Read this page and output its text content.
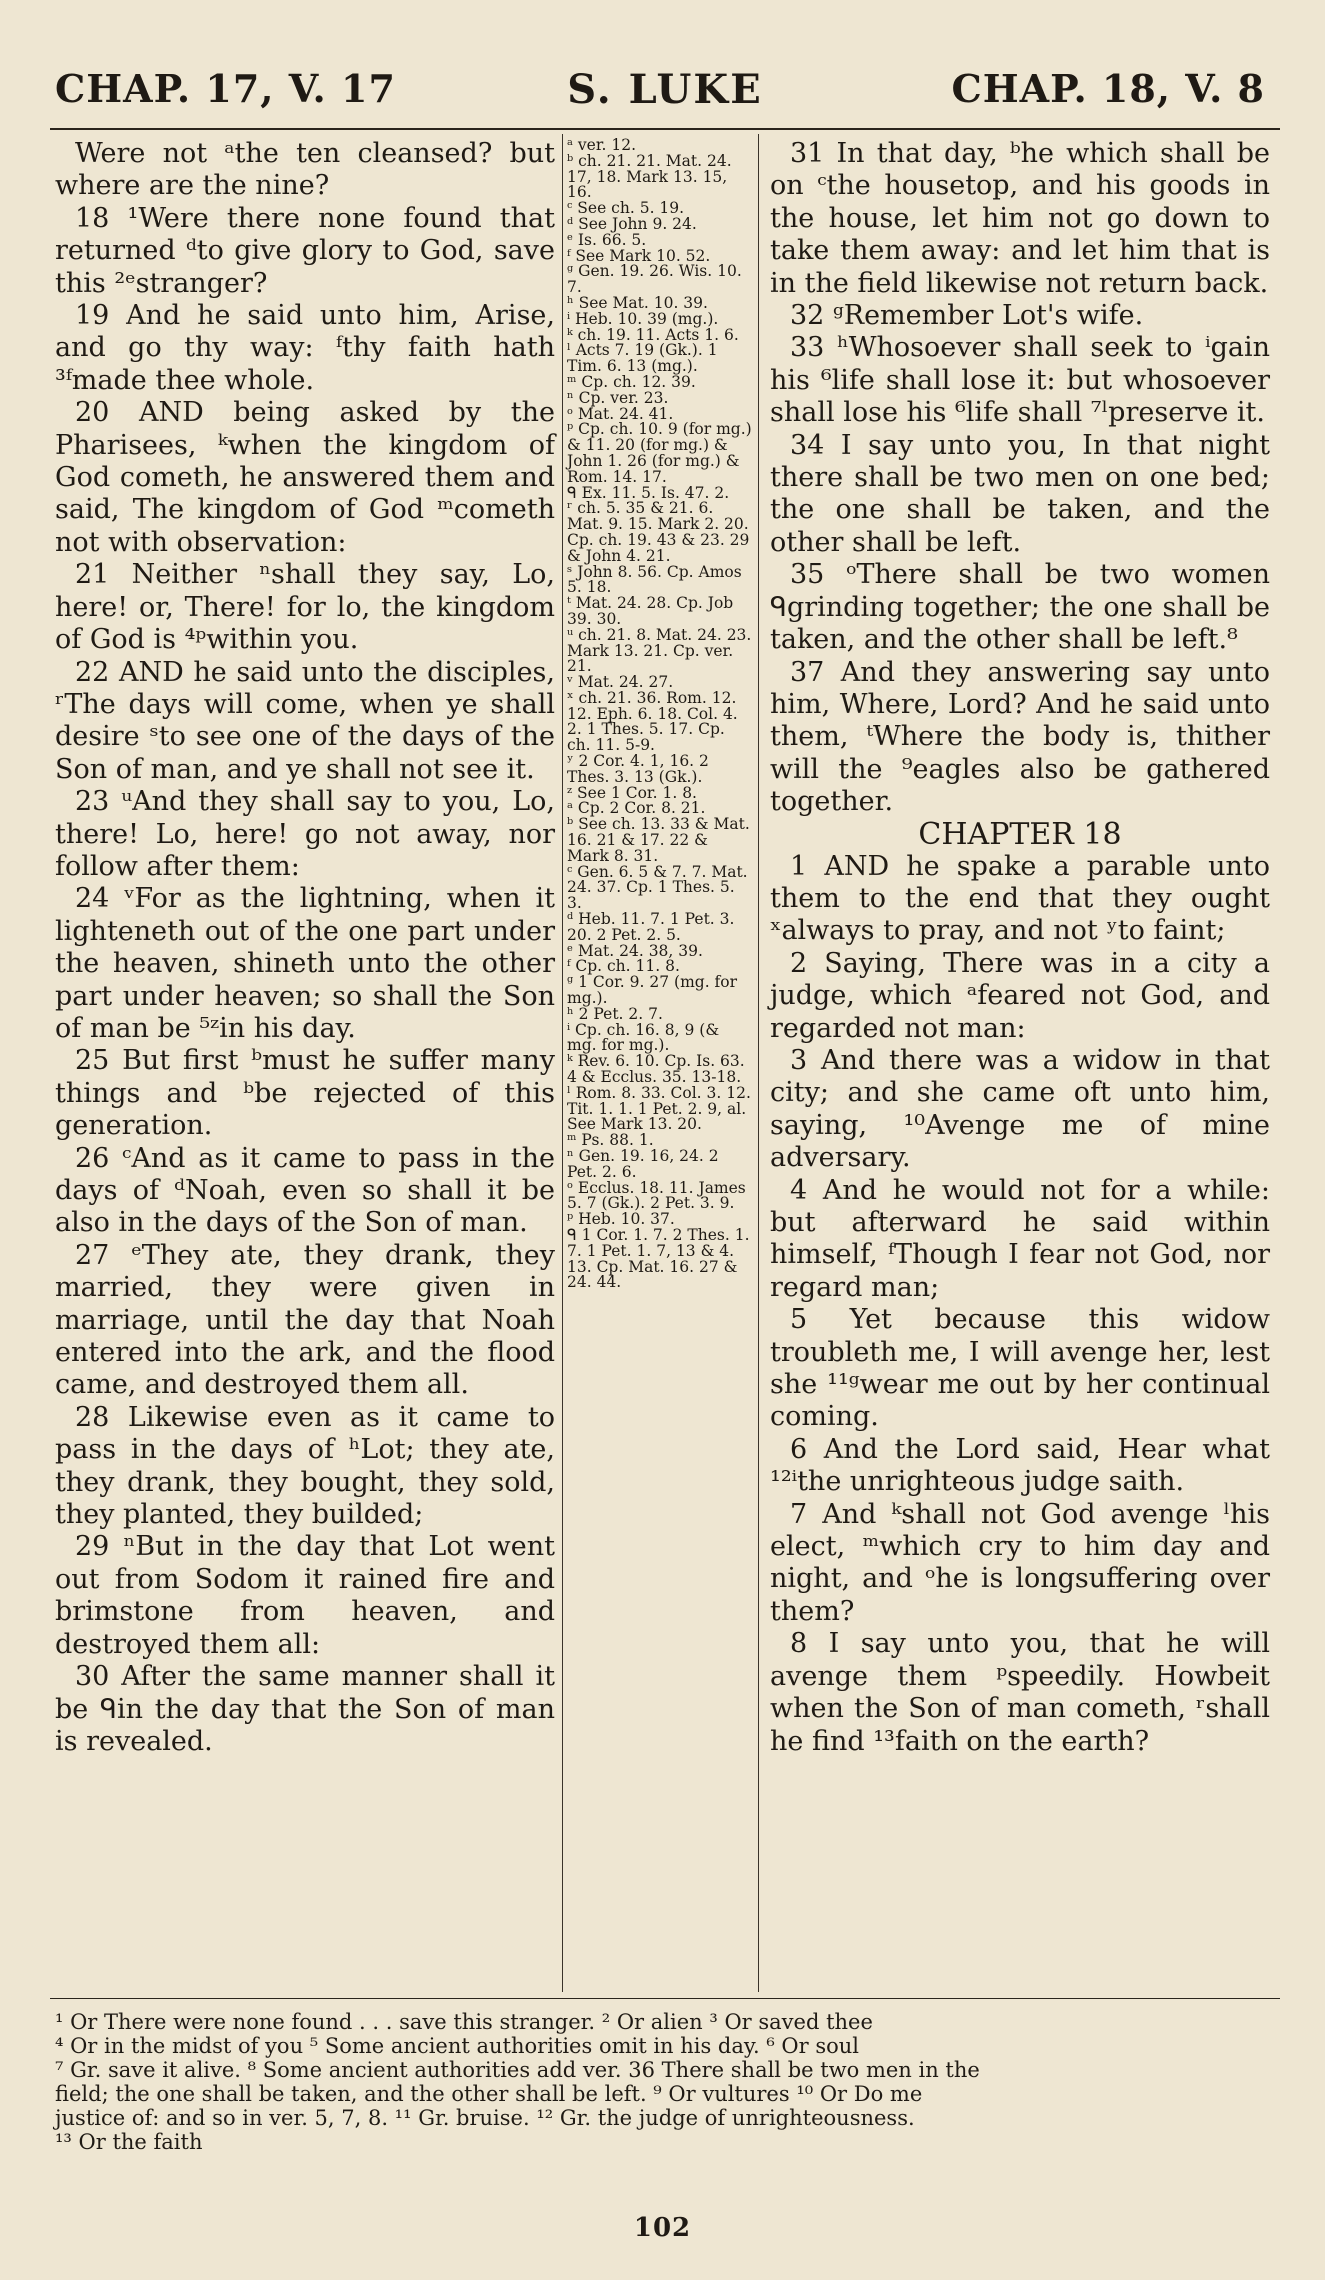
CHAP. 17, V. 17	S. LUKE	CHAP. 18, V. 8

Were not ᵃthe ten cleansed? but where are the nine?

18 ¹Were there none found that returned ᵈto give glory to God, save this ²ᵉstranger?

19 And he said unto him, Arise, and go thy way: ᶠthy faith hath ³ᶠmade thee whole.

20 AND being asked by the Pharisees, ᵏwhen the kingdom of God cometh, he answered them and said, The kingdom of God ᵐcometh not with observation:

21 Neither ⁿshall they say, Lo, here! or, There! for lo, the kingdom of God is ⁴ᵖwithin you.

22 AND he said unto the disciples, ʳThe days will come, when ye shall desire ˢto see one of the days of the Son of man, and ye shall not see it.

23 ᵘAnd they shall say to you, Lo, there! Lo, here! go not away, nor follow after them:

24 ᵛFor as the lightning, when it lighteneth out of the one part under the heaven, shineth unto the other part under heaven; so shall the Son of man be ⁵ᶻin his day.

25 But first ᵇmust he suffer many things and ᵇbe rejected of this generation.

26 ᶜAnd as it came to pass in the days of ᵈNoah, even so shall it be also in the days of the Son of man.

27 ᵉThey ate, they drank, they married, they were given in marriage, until the day that Noah entered into the ark, and the flood came, and destroyed them all.

28 Likewise even as it came to pass in the days of ʰLot; they ate, they drank, they bought, they sold, they planted, they builded;

29 ⁿBut in the day that Lot went out from Sodom it rained fire and brimstone from heaven, and destroyed them all:

30 After the same manner shall it be ᑫin the day that the Son of man is revealed.

ᵃ ver. 12.
ᵇ ch. 21. 21. Mat. 24. 17, 18. Mark 13. 15, 16.
ᶜ See ch. 5. 19.
ᵈ See John 9. 24.
ᵉ Is. 66. 5.
ᶠ See Mark 10. 52.
ᵍ Gen. 19. 26. Wis. 10. 7.
ʰ See Mat. 10. 39.
ⁱ Heb. 10. 39 (mg.).
ᵏ ch. 19. 11. Acts 1. 6.
ˡ Acts 7. 19 (Gk.). 1 Tim. 6. 13 (mg.).
ᵐ Cp. ch. 12. 39.
ⁿ Cp. ver. 23.
ᵒ Mat. 24. 41.
ᵖ Cp. ch. 10. 9 (for mg.) & 11. 20 (for mg.) & John 1. 26 (for mg.) & Rom. 14. 17.
ᑫ Ex. 11. 5. Is. 47. 2.
ʳ ch. 5. 35 & 21. 6. Mat. 9. 15. Mark 2. 20. Cp. ch. 19. 43 & 23. 29 & John 4. 21.
ˢ John 8. 56. Cp. Amos 5. 18.
ᵗ Mat. 24. 28. Cp. Job 39. 30.
ᵘ ch. 21. 8. Mat. 24. 23. Mark 13. 21. Cp. ver. 21.
ᵛ Mat. 24. 27.
ˣ ch. 21. 36. Rom. 12. 12. Eph. 6. 18. Col. 4. 2. 1 Thes. 5. 17. Cp. ch. 11. 5-9.
ʸ 2 Cor. 4. 1, 16. 2 Thes. 3. 13 (Gk.).
ᶻ See 1 Cor. 1. 8.
ᵃ Cp. 2 Cor. 8. 21.
ᵇ See ch. 13. 33 & Mat. 16. 21 & 17. 22 & Mark 8. 31.
ᶜ Gen. 6. 5 & 7. 7. Mat. 24. 37. Cp. 1 Thes. 5. 3.
ᵈ Heb. 11. 7. 1 Pet. 3. 20. 2 Pet. 2. 5.
ᵉ Mat. 24. 38, 39.
ᶠ Cp. ch. 11. 8.
ᵍ 1 Cor. 9. 27 (mg. for mg.).
ʰ 2 Pet. 2. 7.
ⁱ Cp. ch. 16. 8, 9 (& mg. for mg.).
ᵏ Rev. 6. 10. Cp. Is. 63. 4 & Ecclus. 35. 13-18.
ˡ Rom. 8. 33. Col. 3. 12. Tit. 1. 1. 1 Pet. 2. 9, al. See Mark 13. 20.
ᵐ Ps. 88. 1.
ⁿ Gen. 19. 16, 24. 2 Pet. 2. 6.
ᵒ Ecclus. 18. 11. James 5. 7 (Gk.). 2 Pet. 3. 9.
ᵖ Heb. 10. 37.
ᑫ 1 Cor. 1. 7. 2 Thes. 1. 7. 1 Pet. 1. 7, 13 & 4. 13. Cp. Mat. 16. 27 & 24. 44.

31 In that day, ᵇhe which shall be on ᶜthe housetop, and his goods in the house, let him not go down to take them away: and let him that is in the field likewise not return back.

32 ᵍRemember Lot's wife.

33 ʰWhosoever shall seek to ⁱgain his ⁶life shall lose it: but whosoever shall lose his ⁶life shall ⁷ˡpreserve it.

34 I say unto you, In that night there shall be two men on one bed; the one shall be taken, and the other shall be left.

35 ᵒThere shall be two women ᑫgrinding together; the one shall be taken, and the other shall be left.⁸

37 And they answering say unto him, Where, Lord? And he said unto them, ᵗWhere the body is, thither will the ⁹eagles also be gathered together.

CHAPTER 18

1 AND he spake a parable unto them to the end that they ought ˣalways to pray, and not ʸto faint;

2 Saying, There was in a city a judge, which ᵃfeared not God, and regarded not man:

3 And there was a widow in that city; and she came oft unto him, saying, ¹⁰Avenge me of mine adversary.

4 And he would not for a while: but afterward he said within himself, ᶠThough I fear not God, nor regard man;

5 Yet because this widow troubleth me, I will avenge her, lest she ¹¹ᵍwear me out by her continual coming.

6 And the Lord said, Hear what ¹²ⁱthe unrighteous judge saith.

7 And ᵏshall not God avenge ˡhis elect, ᵐwhich cry to him day and night, and ᵒhe is longsuffering over them?

8 I say unto you, that he will avenge them ᵖspeedily. Howbeit when the Son of man cometh, ʳshall he find ¹³faith on the earth?

¹ Or There were none found . . . save this stranger. ² Or alien ³ Or saved thee
⁴ Or in the midst of you ⁵ Some ancient authorities omit in his day. ⁶ Or soul
⁷ Gr. save it alive. ⁸ Some ancient authorities add ver. 36 There shall be two men in the
field; the one shall be taken, and the other shall be left. ⁹ Or vultures ¹⁰ Or Do me
justice of: and so in ver. 5, 7, 8. ¹¹ Gr. bruise. ¹² Gr. the judge of unrighteousness.
¹³ Or the faith
102
